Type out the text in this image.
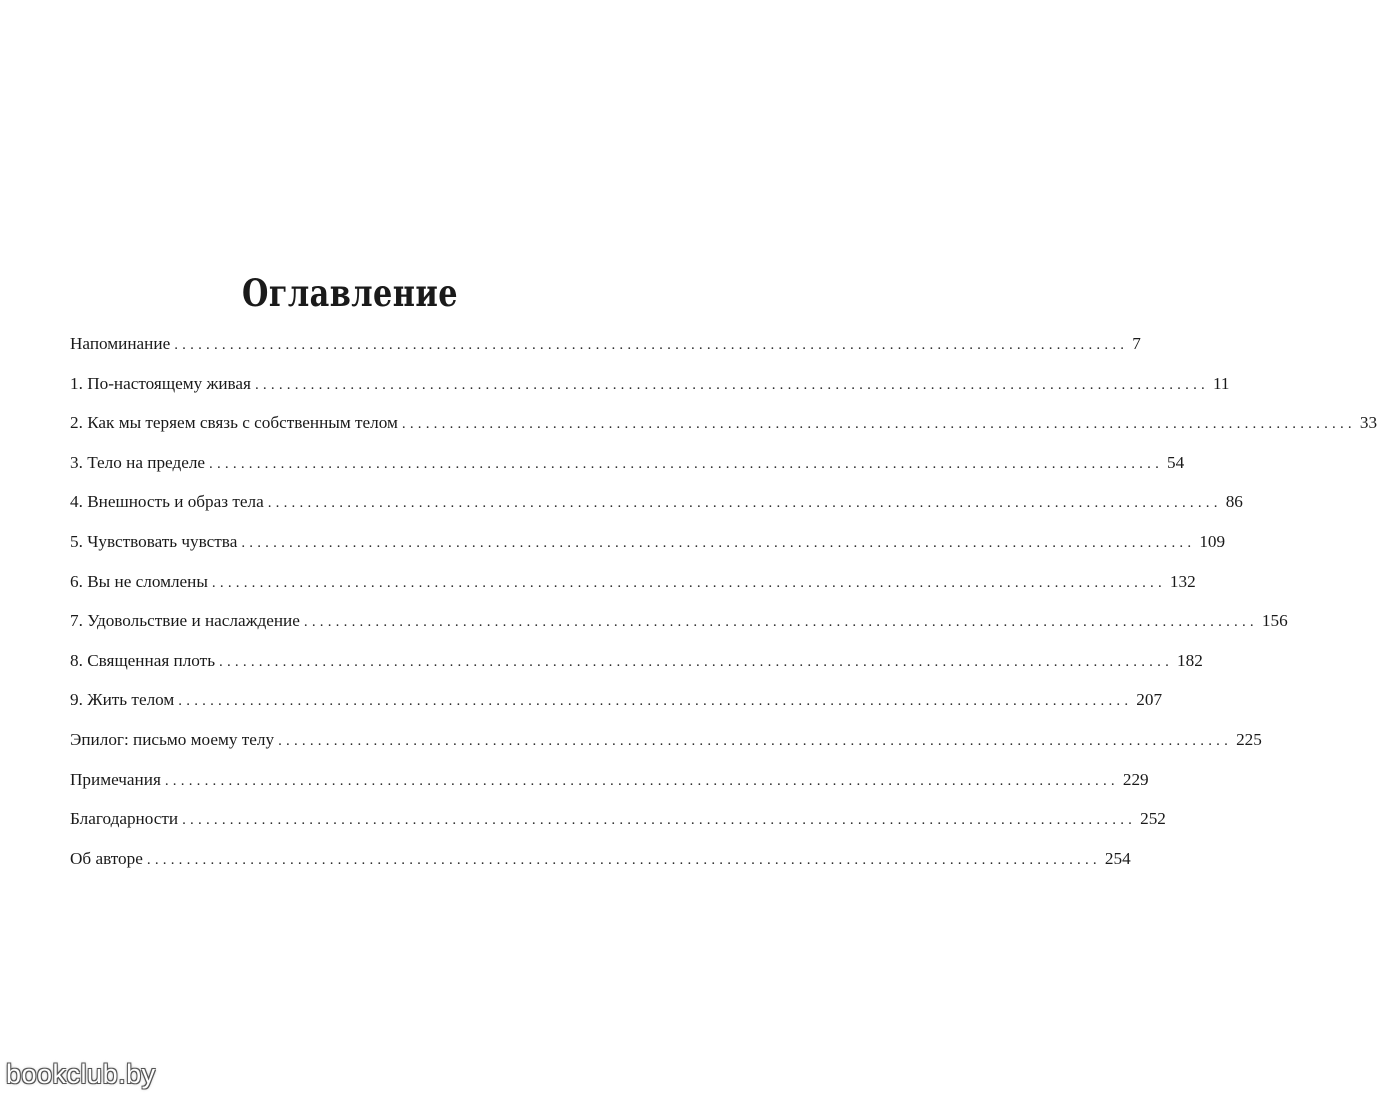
Оглавление
Напоминание ........................................................................................................................ 7
1. По-настоящему живая ........................................................................................................................ 11
2. Как мы теряем связь с собственным телом ........................................................................................................................ 33
3. Тело на пределе ........................................................................................................................ 54
4. Внешность и образ тела ........................................................................................................................ 86
5. Чувствовать чувства ........................................................................................................................ 109
6. Вы не сломлены ........................................................................................................................ 132
7. Удовольствие и наслаждение ........................................................................................................................ 156
8. Священная плоть ........................................................................................................................ 182
9. Жить телом ........................................................................................................................ 207
Эпилог: письмо моему телу ........................................................................................................................ 225
Примечания ........................................................................................................................ 229
Благодарности ........................................................................................................................ 252
Об авторе ........................................................................................................................ 254
bookclub.by
